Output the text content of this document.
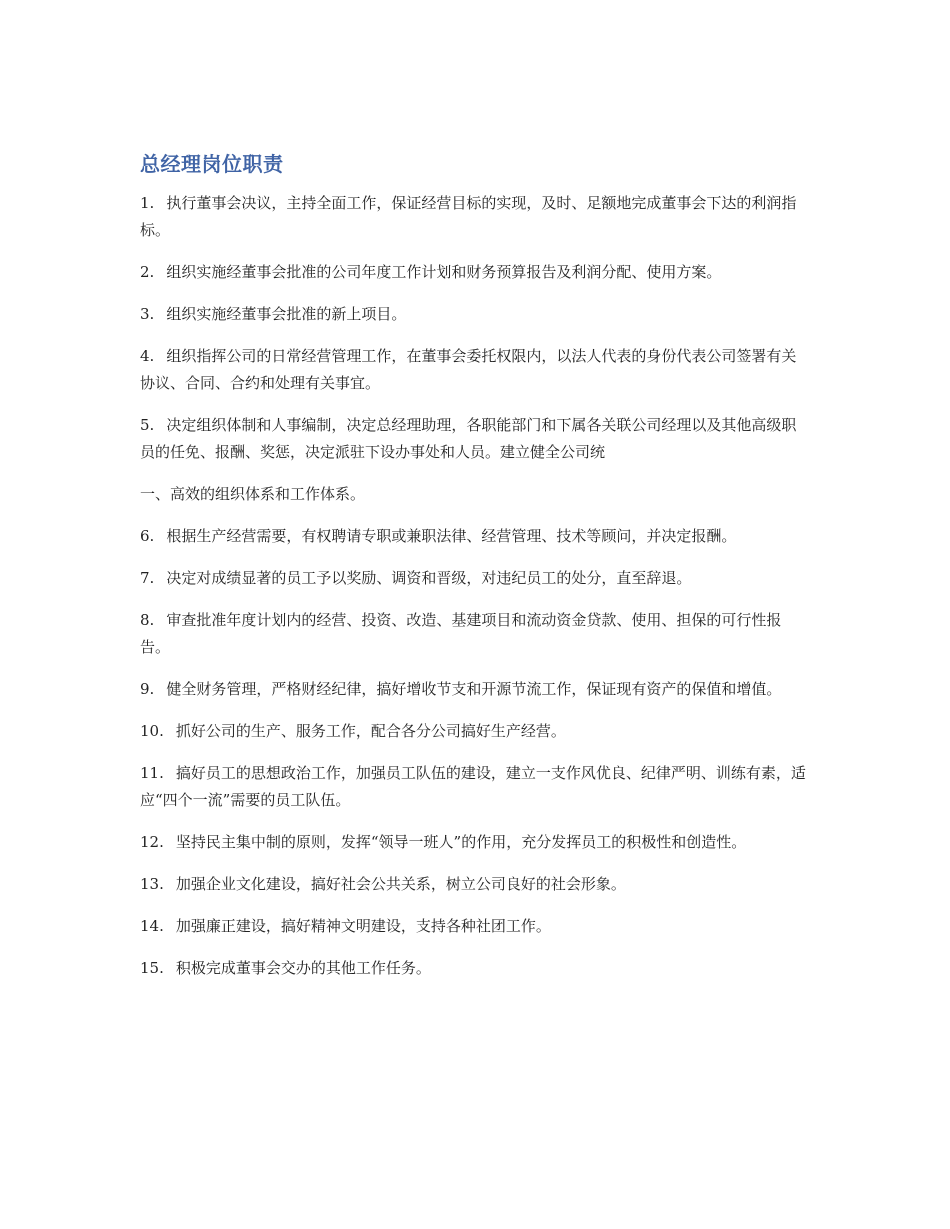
总经理岗位职责

1. 执行董事会决议，主持全面工作，保证经营目标的实现，及时、足额地完成董事会下达的利润指标。

2. 组织实施经董事会批准的公司年度工作计划和财务预算报告及利润分配、使用方案。

3. 组织实施经董事会批准的新上项目。

4. 组织指挥公司的日常经营管理工作，在董事会委托权限内，以法人代表的身份代表公司签署有关协议、合同、合约和处理有关事宜。

5. 决定组织体制和人事编制，决定总经理助理，各职能部门和下属各关联公司经理以及其他高级职员的任免、报酬、奖惩，决定派驻下设办事处和人员。建立健全公司统

一、高效的组织体系和工作体系。

6. 根据生产经营需要，有权聘请专职或兼职法律、经营管理、技术等顾问，并决定报酬。

7. 决定对成绩显著的员工予以奖励、调资和晋级，对违纪员工的处分，直至辞退。

8. 审查批准年度计划内的经营、投资、改造、基建项目和流动资金贷款、使用、担保的可行性报告。

9. 健全财务管理，严格财经纪律，搞好增收节支和开源节流工作，保证现有资产的保值和增值。

10. 抓好公司的生产、服务工作，配合各分公司搞好生产经营。

11. 搞好员工的思想政治工作，加强员工队伍的建设，建立一支作风优良、纪律严明、训练有素，适应“四个一流”需要的员工队伍。

12. 坚持民主集中制的原则，发挥“领导一班人”的作用，充分发挥员工的积极性和创造性。

13. 加强企业文化建设，搞好社会公共关系，树立公司良好的社会形象。

14. 加强廉正建设，搞好精神文明建设，支持各种社团工作。

15. 积极完成董事会交办的其他工作任务。
